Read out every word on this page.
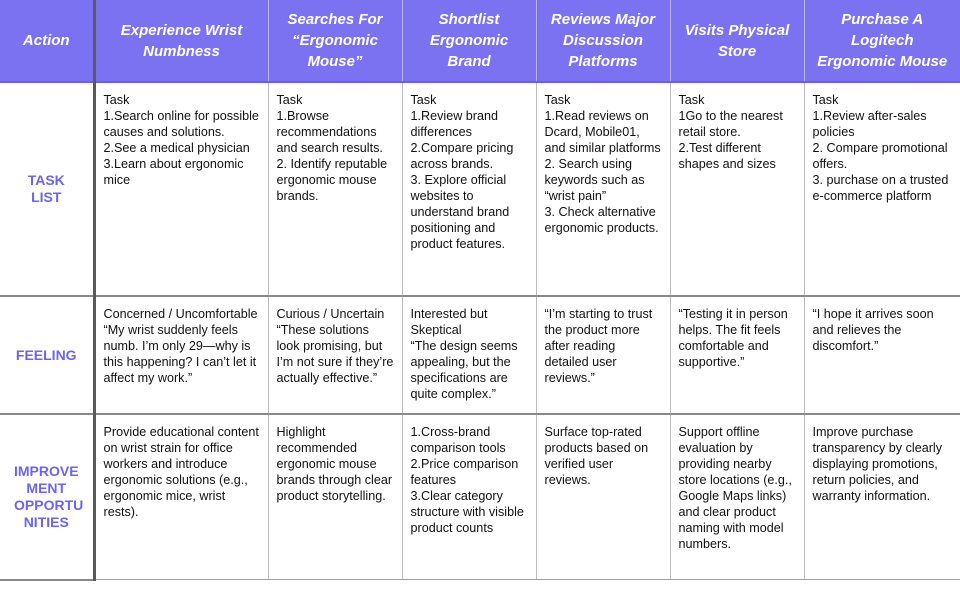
Action	Experience Wrist Numbness	Searches For “Ergonomic Mouse”	Shortlist Ergonomic Brand	Reviews Major Discussion Platforms	Visits Physical Store	Purchase A Logitech Ergonomic Mouse
TASK
LIST	Task
1.Search online for possible causes and solutions.
2.See a medical physician
3.Learn about ergonomic mice	Task
1.Browse recommendations and search results.
2. Identify reputable ergonomic mouse brands.	Task
1.Review brand differences
2.Compare pricing across brands.
3. Explore official websites to understand brand positioning and product features.	Task
1.Read reviews on Dcard, Mobile01, and similar platforms
2. Search using keywords such as “wrist pain”
3. Check alternative ergonomic products.	Task
1Go to the nearest retail store.
2.Test different shapes and sizes	Task
1.Review after-sales policies
2. Compare promotional offers.
3. purchase on a trusted e-commerce platform
FEELING	Concerned / Uncomfortable
“My wrist suddenly feels numb. I’m only 29—why is this happening? I can’t let it affect my work.”	Curious / Uncertain
“These solutions look promising, but I’m not sure if they’re actually effective.”	Interested but Skeptical
“The design seems appealing, but the specifications are quite complex.”	“I’m starting to trust the product more after reading detailed user reviews.”	“Testing it in person helps. The fit feels comfortable and supportive.”	“I hope it arrives soon and relieves the discomfort.”
IMPROVE
MENT
OPPORTU
NITIES	Provide educational content on wrist strain for office workers and introduce ergonomic solutions (e.g., ergonomic mice, wrist rests).	Highlight recommended ergonomic mouse brands through clear product storytelling.	1.Cross-brand comparison tools
2.Price comparison features
3.Clear category structure with visible product counts	Surface top-rated products based on verified user reviews.	Support offline evaluation by providing nearby store locations (e.g., Google Maps links) and clear product naming with model numbers.	Improve purchase transparency by clearly displaying promotions, return policies, and warranty information.
